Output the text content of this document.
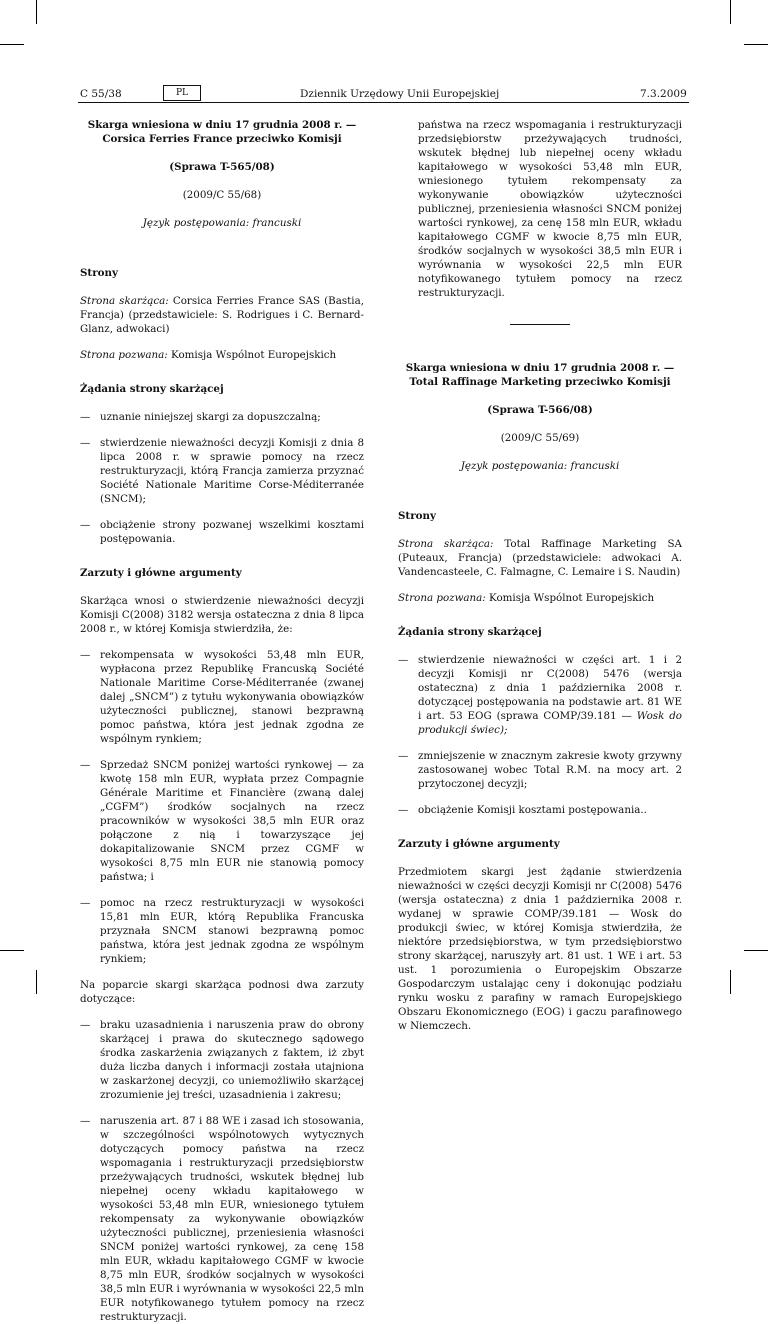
C 55/38	PL	Dziennik Urzędowy Unii Europejskiej	7.3.2009
Skarga wniesiona w dniu 17 grudnia 2008 r. — Corsica Ferries France przeciwko Komisji
(Sprawa T-565/08)
(2009/C 55/68)
Język postępowania: francuski
Strony

Strona skarżąca: Corsica Ferries France SAS (Bastia, Francja) (przedstawiciele: S. Rodrigues i C. Bernard-Glanz, adwokaci)

Strona pozwana: Komisja Wspólnot Europejskich

Żądania strony skarżącej
— uznanie niniejszej skargi za dopuszczalną;
— stwierdzenie nieważności decyzji Komisji z dnia 8 lipca 2008 r. w sprawie pomocy na rzecz restrukturyzacji, którą Francja zamierza przyznać Société Nationale Maritime Corse-Méditerranée (SNCM);
— obciążenie strony pozwanej wszelkimi kosztami postępowania.
Zarzuty i główne argumenty

Skarżąca wnosi o stwierdzenie nieważności decyzji Komisji C(2008) 3182 wersja ostateczna z dnia 8 lipca 2008 r., w której Komisja stwierdziła, że:

— rekompensata w wysokości 53,48 mln EUR, wypłacona przez Republikę Francuską Société Nationale Maritime Corse-Méditerranée (zwanej dalej „SNCM”) z tytułu wykonywania obowiązków użyteczności publicznej, stanowi bezprawną pomoc państwa, która jest jednak zgodna ze wspólnym rynkiem;
— Sprzedaż SNCM poniżej wartości rynkowej — za kwotę 158 mln EUR, wypłata przez Compagnie Générale Maritime et Financière (zwaną dalej „CGFM”) środków socjalnych na rzecz pracowników w wysokości 38,5 mln EUR oraz połączone z nią i towarzyszące jej dokapitalizowanie SNCM przez CGMF w wysokości 8,75 mln EUR nie stanowią pomocy państwa; i
— pomoc na rzecz restrukturyzacji w wysokości 15,81 mln EUR, którą Republika Francuska przyznała SNCM stanowi bezprawną pomoc państwa, która jest jednak zgodna ze wspólnym rynkiem;

Na poparcie skargi skarżąca podnosi dwa zarzuty dotyczące:

— braku uzasadnienia i naruszenia praw do obrony skarżącej i prawa do skutecznego sądowego środka zaskarżenia związanych z faktem, iż zbyt duża liczba danych i informacji została utajniona w zaskarżonej decyzji, co uniemożliwiło skarżącej zrozumienie jej treści, uzasadnienia i zakresu;
— naruszenia art. 87 i 88 WE i zasad ich stosowania, w szczególności wspólnotowych wytycznych dotyczących pomocy państwa na rzecz wspomagania i restrukturyzacji przedsiębiorstw przeżywających trudności, wskutek błędnej lub niepełnej oceny wkładu kapitałowego w wysokości 53,48 mln EUR, wniesionego tytułem rekompensaty za wykonywanie obowiązków użyteczności publicznej, przeniesienia własności SNCM poniżej wartości rynkowej, za cenę 158 mln EUR, wkładu kapitałowego CGMF w kwocie 8,75 mln EUR, środków socjalnych w wysokości 38,5 mln EUR i wyrównania w wysokości 22,5 mln EUR notyfikowanego tytułem pomocy na rzecz restrukturyzacji.

państwa na rzecz wspomagania i restrukturyzacji przedsiębiorstw przeżywających trudności, wskutek błędnej lub niepełnej oceny wkładu kapitałowego w wysokości 53,48 mln EUR, wniesionego tytułem rekompensaty za wykonywanie obowiązków użyteczności publicznej, przeniesienia własności SNCM poniżej wartości rynkowej, za cenę 158 mln EUR, wkładu kapitałowego CGMF w kwocie 8,75 mln EUR, środków socjalnych w wysokości 38,5 mln EUR i wyrównania w wysokości 22,5 mln EUR notyfikowanego tytułem pomocy na rzecz restrukturyzacji.

Skarga wniesiona w dniu 17 grudnia 2008 r. — Total Raffinage Marketing przeciwko Komisji
(Sprawa T-566/08)
(2009/C 55/69)
Język postępowania: francuski
Strony

Strona skarżąca: Total Raffinage Marketing SA (Puteaux, Francja) (przedstawiciele: adwokaci A. Vandencasteele, C. Falmagne, C. Lemaire i S. Naudin)

Strona pozwana: Komisja Wspólnot Europejskich

Żądania strony skarżącej
— stwierdzenie nieważności w części art. 1 i 2 decyzji Komisji nr C(2008) 5476 (wersja ostateczna) z dnia 1 października 2008 r. dotyczącej postępowania na podstawie art. 81 WE i art. 53 EOG (sprawa COMP/39.181 — Wosk do produkcji świec);
— zmniejszenie w znacznym zakresie kwoty grzywny zastosowanej wobec Total R.M. na mocy art. 2 przytoczonej decyzji;
— obciążenie Komisji kosztami postępowania..
Zarzuty i główne argumenty

Przedmiotem skargi jest żądanie stwierdzenia nieważności w części decyzji Komisji nr C(2008) 5476 (wersja ostateczna) z dnia 1 października 2008 r. wydanej w sprawie COMP/39.181 — Wosk do produkcji świec, w której Komisja stwierdziła, że niektóre przedsiębiorstwa, w tym przedsiębiorstwo strony skarżącej, naruszyły art. 81 ust. 1 WE i art. 53 ust. 1 porozumienia o Europejskim Obszarze Gospodarczym ustalając ceny i dokonując podziału rynku wosku z parafiny w ramach Europejskiego Obszaru Ekonomicznego (EOG) i gaczu parafinowego w Niemczech.
